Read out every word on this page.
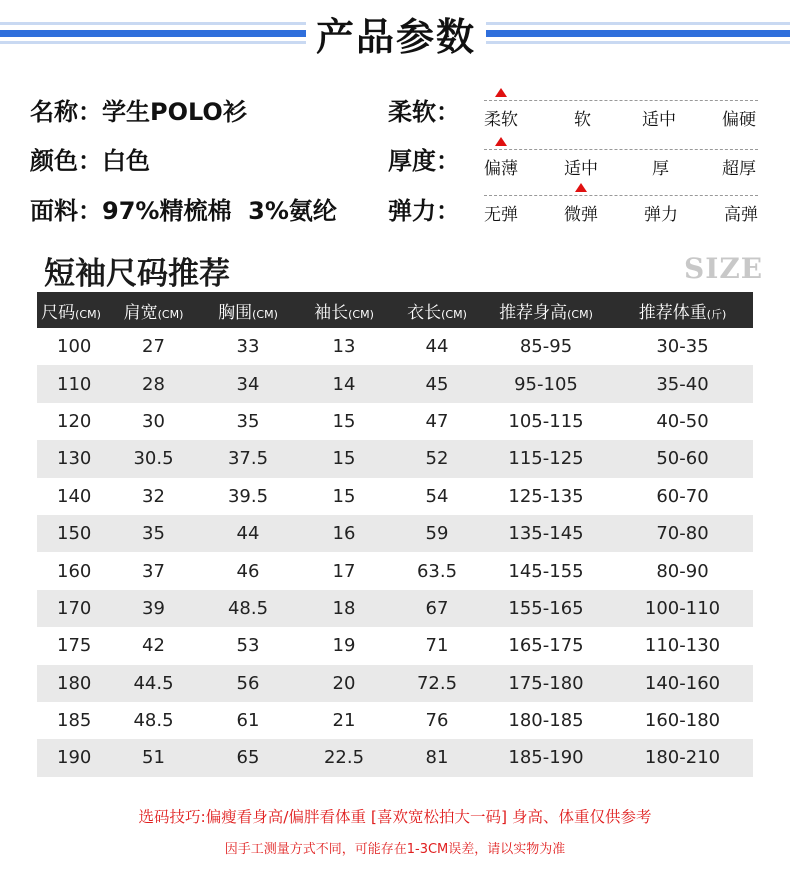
产品参数
名称：学生POLO衫
颜色：白色
面料：97%精梳棉  3%氨纶
柔软： 柔软	软	适中	偏硬
厚度： 偏薄	适中	厚	超厚
弹力： 无弹	微弹	弹力	高弹
短袖尺码推荐	SIZE
尺码(CM)	肩宽(CM)	胸围(CM)	袖长(CM)	衣长(CM)	推荐身高(CM)	推荐体重(斤)
100	27	33	13	44	85-95	30-35
110	28	34	14	45	95-105	35-40
120	30	35	15	47	105-115	40-50
130	30.5	37.5	15	52	115-125	50-60
140	32	39.5	15	54	125-135	60-70
150	35	44	16	59	135-145	70-80
160	37	46	17	63.5	145-155	80-90
170	39	48.5	18	67	155-165	100-110
175	42	53	19	71	165-175	110-130
180	44.5	56	20	72.5	175-180	140-160
185	48.5	61	21	76	180-185	160-180
190	51	65	22.5	81	185-190	180-210
选码技巧:偏瘦看身高/偏胖看体重 [喜欢宽松拍大一码] 身高、体重仅供参考
因手工测量方式不同，可能存在1-3CM误差，请以实物为准
